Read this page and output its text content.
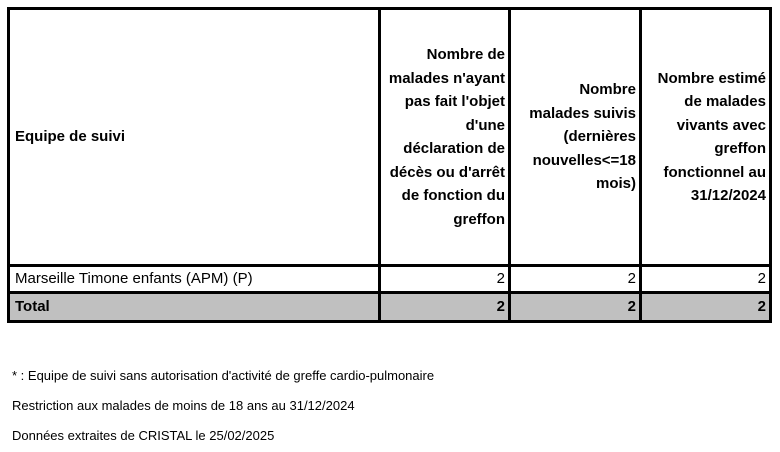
Equipe de suivi	Nombre de malades n'ayant pas fait l'objet d'une déclaration de décès ou d'arrêt de fonction du greffon	Nombre malades suivis (dernières nouvelles<=18 mois)	Nombre estimé de malades vivants avec greffon fonctionnel au 31/12/2024
Marseille Timone enfants (APM) (P)	2	2	2
Total	2	2	2
* : Equipe de suivi sans autorisation d'activité de greffe cardio-pulmonaire
Restriction aux malades de moins de 18 ans au 31/12/2024
Données extraites de CRISTAL le 25/02/2025
